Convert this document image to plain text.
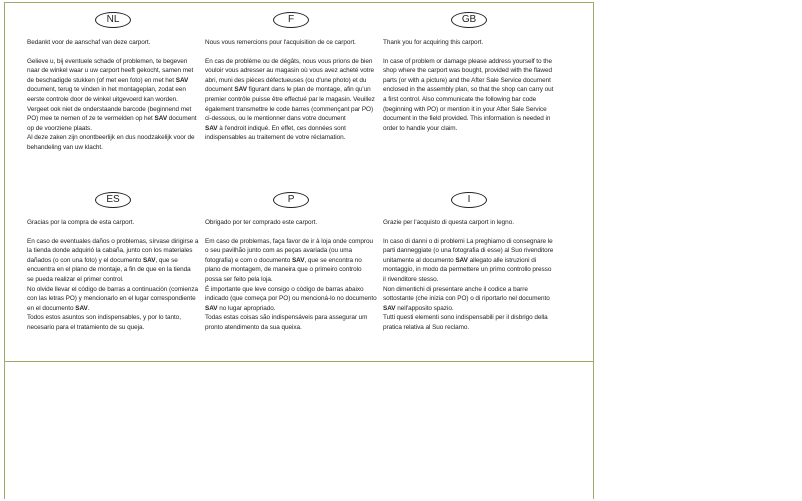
NL

Bedankt voor de aanschaf van deze carport.

Gelieve u, bij eventuele schade of problemen, te begeven naar de winkel waar u uw carport heeft gekocht, samen met de beschadigde stukken (of met een foto) en met het SAV document, terug te vinden in het montageplan, zodat een eerste controle door de winkel uitgevoerd kan worden.

Vergeet ook niet de onderstaande barcode (beginnend met PO) mee te nemen of ze te vermelden op het SAV document op de voorziene plaats.

Al deze zaken zijn onontbeerlijk en dus noodzakelijk voor de behandeling van uw klacht.

F

Nous vous remercions pour l'acquisition de ce carport.

En cas de problème ou de dégâts, nous vous prions de bien vouloir vous adresser au magasin où vous avez acheté votre abri, muni des pièces défectueuses (ou d'une photo) et du document SAV figurant dans le plan de montage, afin qu'un premier contrôle puisse être effectué par le magasin. Veuillez également transmettre le code barres (commençant par PO) ci-dessous, ou le mentionner dans votre document

SAV à l'endroit indiqué. En effet, ces données sont indispensables au traitement de votre réclamation.

GB

Thank you for acquiring this carport.

In case of problem or damage please address yourself to the shop where the carport was bought, provided with the flawed parts (or with a picture) and the After Sale Service document enclosed in the assembly plan, so that the shop can carry out a first control. Also communicate the following bar code (beginning with PO) or mention it in your After Sale Service document in the field provided. This information is needed in order to handle your claim.

ES

Gracias por la compra de esta carport.

En caso de eventuales daños o problemas, sírvase dirigirse a la tienda donde adquirió la cabaña, junto con los materiales dañados (o con una foto) y el documento SAV, que se encuentra en el plano de montaje, a fin de que en la tienda se pueda realizar el primer control.

No olvide llevar el código de barras a continuación (comienza con las letras PO) y mencionarlo en el lugar correspondiente en el documento SAV.

Todos estos asuntos son indispensables, y por lo tanto, necesario para el tratamiento de su queja.

P

Obrigado por ter comprado este carport.

Em caso de problemas, faça favor de ir à loja onde comprou o seu pavilhão junto com as peças avariada (ou uma fotografia) e com o documento SAV, que se encontra no plano de montagem, de maneira que o primeiro controlo possa ser feito pela loja.

É importante que leve consigo o código de barras abaixo indicado (que começa por PO) ou mencioná-lo no documento SAV no lugar apropriado.

Todas estas coisas são indispensáveis para assegurar um pronto atendimento da sua queixa.

I

Grazie per l'acquisto di questa carport in legno.

In caso di danni o di problemi La preghiamo di consegnare le parti danneggiate (o una fotografia di esse) al Suo rivenditore unitamente al documento SAV allegato alle istruzioni di montaggio, in modo da permettere un primo controllo presso il rivenditore stesso.

Non dimentichi di presentare anche il codice a barre sottostante (che inizia con PO) o di riportarlo nel documento SAV nell'apposito spazio.

Tutti questi elementi sono indispensabili per il disbrigo della pratica relativa al Suo reclamo.
